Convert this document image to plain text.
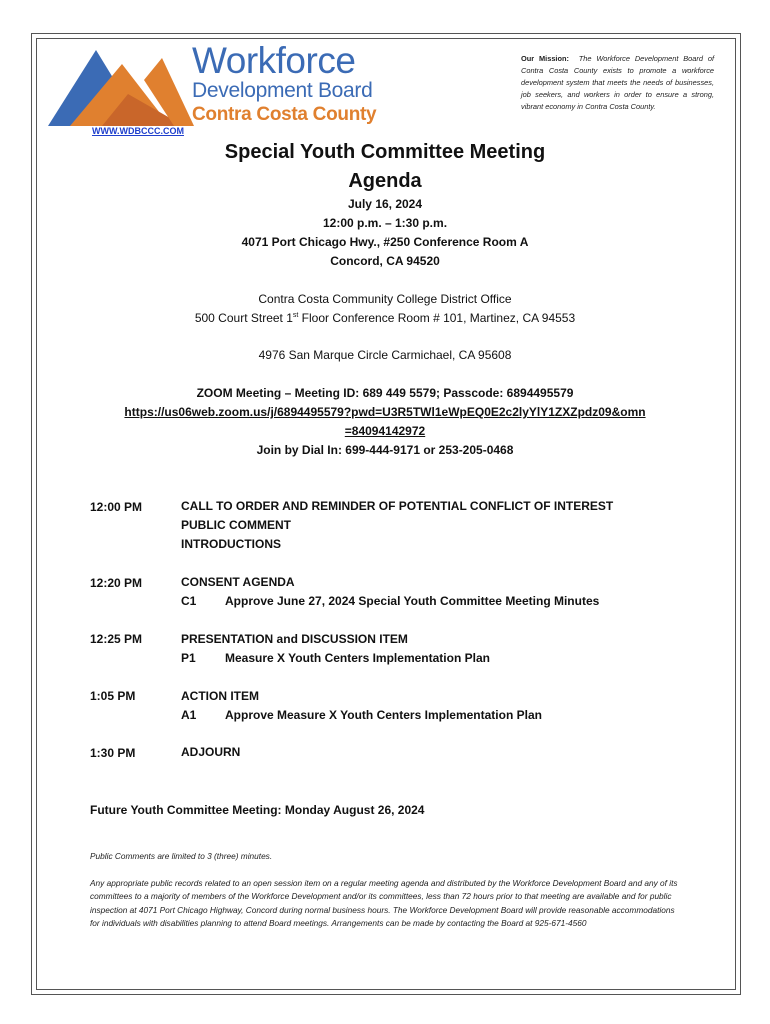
Workforce
Development Board
Contra Costa County
WWW.WDBCCC.COM
Our Mission: The Workforce Development Board of Contra Costa County exists to promote a workforce development system that meets the needs of businesses, job seekers, and workers in order to ensure a strong, vibrant economy in Contra Costa County.
Special Youth Committee Meeting
Agenda
July 16, 2024
12:00 p.m. – 1:30 p.m.
4071 Port Chicago Hwy., #250 Conference Room A
Concord, CA 94520
Contra Costa Community College District Office
500 Court Street 1st Floor Conference Room # 101, Martinez, CA 94553
4976 San Marque Circle Carmichael, CA 95608
ZOOM Meeting – Meeting ID: 689 449 5579; Passcode: 6894495579
https://us06web.zoom.us/j/6894495579?pwd=U3R5TWl1eWpEQ0E2c2lyYlY1ZXZpdz09&omn
=84094142972
Join by Dial In: 699-444-9171 or 253-205-0468
12:00 PM	CALL TO ORDER AND REMINDER OF POTENTIAL CONFLICT OF INTEREST
PUBLIC COMMENT
INTRODUCTIONS
12:20 PM	CONSENT AGENDA
C1 Approve June 27, 2024 Special Youth Committee Meeting Minutes
12:25 PM	PRESENTATION and DISCUSSION ITEM
P1 Measure X Youth Centers Implementation Plan
1:05 PM	ACTION ITEM
A1 Approve Measure X Youth Centers Implementation Plan
1:30 PM	ADJOURN
Future Youth Committee Meeting: Monday August 26, 2024
Public Comments are limited to 3 (three) minutes.
Any appropriate public records related to an open session item on a regular meeting agenda and distributed by the Workforce Development Board and any of its committees to a majority of members of the Workforce Development and/or its committees, less than 72 hours prior to that meeting are available and for public inspection at 4071 Port Chicago Highway, Concord during normal business hours. The Workforce Development Board will provide reasonable accommodations for individuals with disabilities planning to attend Board meetings. Arrangements can be made by contacting the Board at 925-671-4560
